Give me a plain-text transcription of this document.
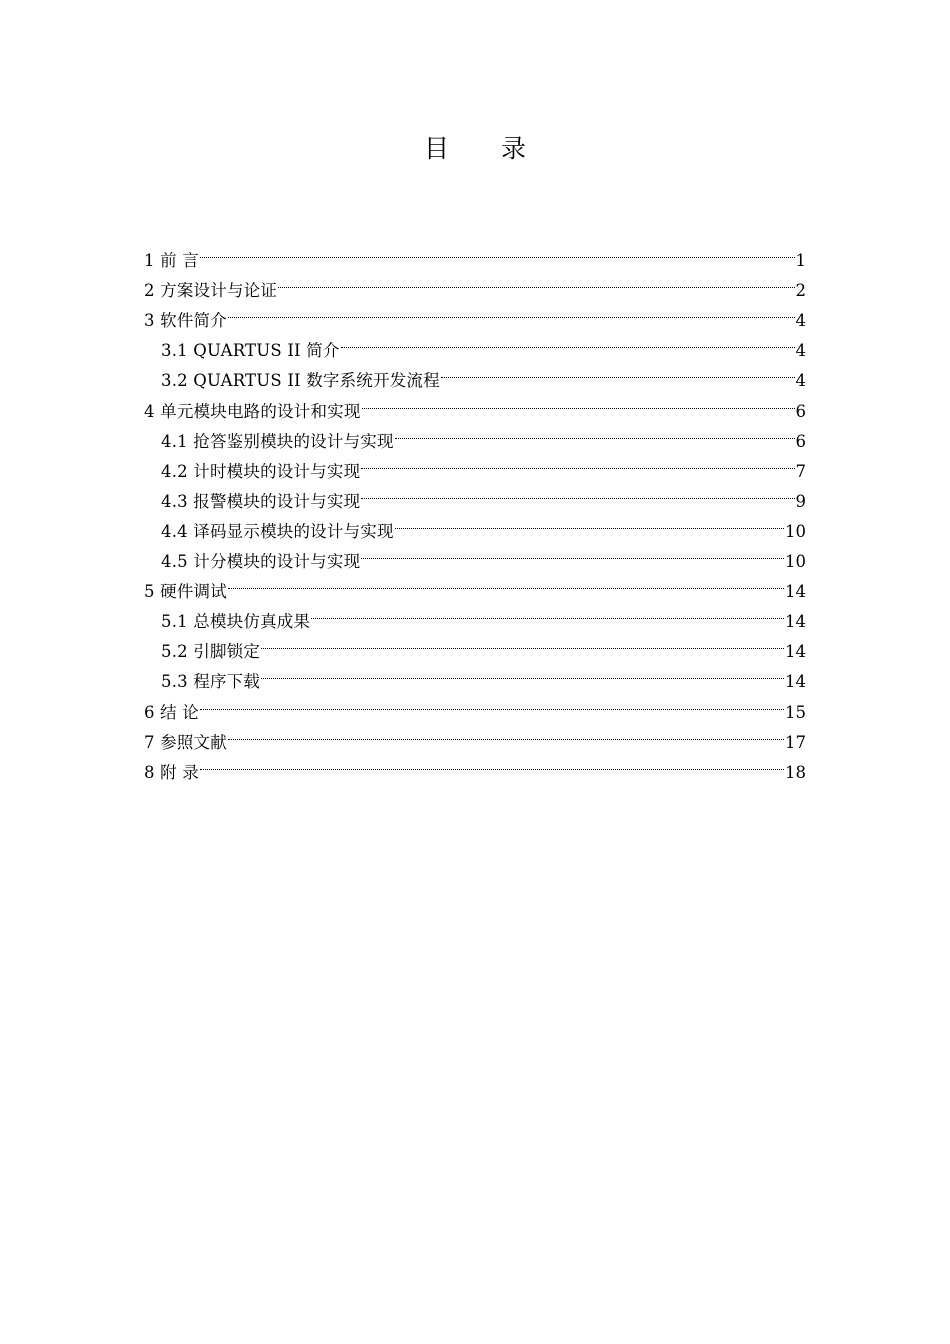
目 录
1 前 言	1
2 方案设计与论证	2
3 软件简介	4
3.1 QUARTUS II 简介	4
3.2 QUARTUS II 数字系统开发流程	4
4 单元模块电路的设计和实现	6
4.1 抢答鉴别模块的设计与实现	6
4.2 计时模块的设计与实现	7
4.3 报警模块的设计与实现	9
4.4 译码显示模块的设计与实现	10
4.5 计分模块的设计与实现	10
5 硬件调试	14
5.1 总模块仿真成果	14
5.2 引脚锁定	14
5.3 程序下载	14
6 结 论	15
7 参照文献	17
8 附 录	18
